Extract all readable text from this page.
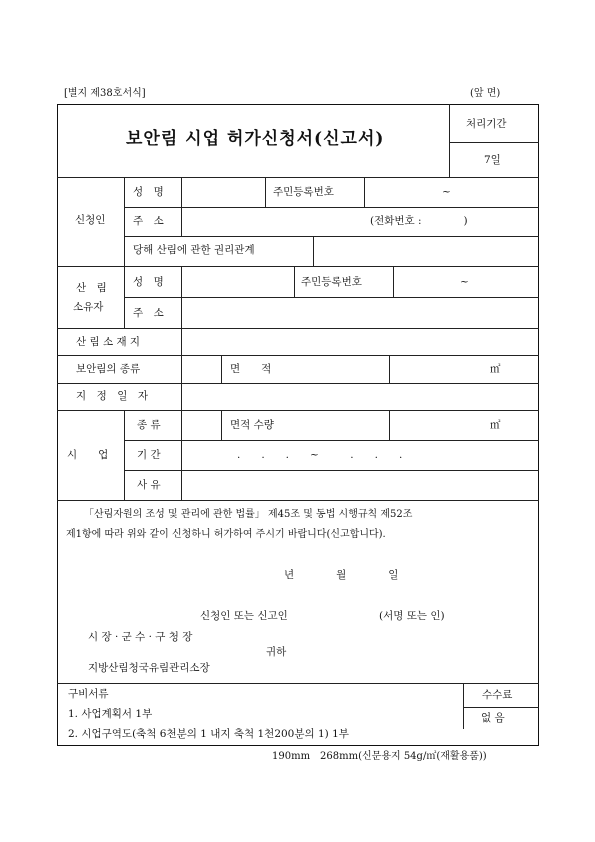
[별지 제38호서식]	(앞 면)
보안림 시업 허가신청서(신고서)
처리기간
7일
신청인
성　명	주민등록번호	~
주　소	(전화번호 :　　　　)
당해 산림에 관한 권리관계
산　림
소유자
성　명	주민등록번호	~
주　소
산 림 소 재 지
보안림의 종류	면　　적	㎡
지　정　일　자
시　　업
종 류	면적 수량	㎡
기 간	.　　.　　.　　~　　　.　　.　　.
사 유
「산림자원의 조성 및 관리에 관한 법률」 제45조 및 동법 시행규칙 제52조
제1항에 따라 위와 같이 신청하니 허가하여 주시기 바랍니다(신고합니다).
년　　　　월　　　　일
신청인 또는 신고인	(서명 또는 인)
시 장 · 군 수 · 구 청 장
귀하
지방산림청국유림관리소장
구비서류
1. 사업계획서 1부
2. 시업구역도(축척 6천분의 1 내지 축척 1천200분의 1) 1부
수수료
없 음
190mm　268mm(신문용지 54g/㎡(재활용품))
